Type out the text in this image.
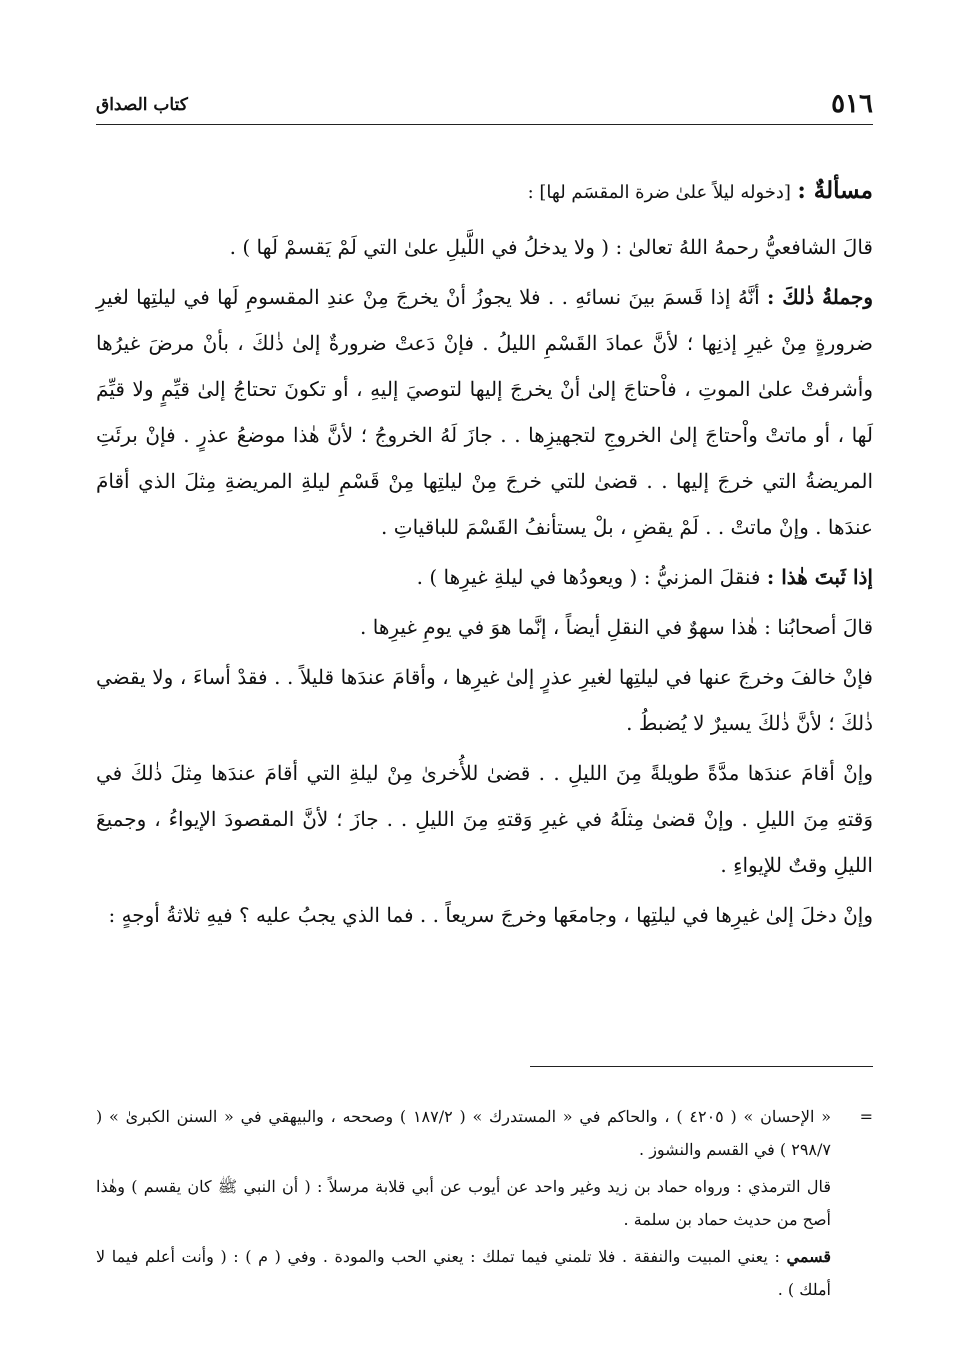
٥١٦
كتاب الصداق

مسألةٌ : [دخوله ليلاً علىٰ ضرة المقسَم لها] :

قالَ الشافعيُّ رحمهُ اللهُ تعالىٰ : ( ولا يدخلُ في اللَّيلِ علىٰ التي لَمْ يَقسمْ لَها ) .

وجملةُ ذٰلكَ : أنَّهُ إذا قَسمَ بينَ نسائهِ . . فلا يجوزُ أنْ يخرجَ مِنْ عندِ المقسومِ لَها في ليلتِها لغيرِ ضرورةٍ مِنْ غيرِ إذنِها ؛ لأنَّ عمادَ القَسْمِ الليلُ . فإنْ دَعتْ ضرورةٌ إلىٰ ذٰلكَ ، بأنْ مرضَ غيرُها وأشرفتْ علىٰ الموتِ ، فاْحتاجَ إلىٰ أنْ يخرجَ إليها لتوصيَ إليهِ ، أو تكونَ تحتاجُ إلىٰ قيِّمٍ ولا قيِّمَ لَها ، أو ماتتْ واْحتاجَ إلىٰ الخروجِ لتجهيزِها . . جازَ لَهُ الخروجُ ؛ لأنَّ هٰذا موضعُ عذرٍ . فإنْ برئَتِ المريضةُ التي خرجَ إليها . . قضىٰ للتي خرجَ مِنْ ليلتِها مِنْ قَسْمِ ليلةِ المريضةِ مِثلَ الذي أقامَ عندَها . وإنْ ماتتْ . . لَمْ يقضِ ، بلْ يستأنفُ القَسْمَ للباقياتِ .

إذا ثَبتَ هٰذا : فنقلَ المزنيُّ : ( ويعودُها في ليلةِ غيرِها ) .

قالَ أصحابُنا : هٰذا سهوٌ في النقلِ أيضاً ، إنَّما هوَ في يومِ غيرِها .

فإنْ خالفَ وخرجَ عنها في ليلتِها لغيرِ عذرٍ إلىٰ غيرِها ، وأقامَ عندَها قليلاً . . فقدْ أساءَ ، ولا يقضي ذٰلكَ ؛ لأنَّ ذٰلكَ يسيرٌ لا يُضبطُ .

وإنْ أقامَ عندَها مدَّةً طويلةً مِنَ الليلِ . . قضىٰ للأُخرىٰ مِنْ ليلةِ التي أقامَ عندَها مِثلَ ذٰلكَ في وَقتهِ مِنَ الليلِ . وإنْ قضىٰ مِثلَهُ في غيرِ وَقتهِ مِنَ الليلِ . . جازَ ؛ لأنَّ المقصودَ الإيواءُ ، وجميعَ الليلِ وقتٌ للإيواءِ .

وإنْ دخلَ إلىٰ غيرِها في ليلتِها ، وجامعَها وخرجَ سريعاً . . فما الذي يجبُ عليه ؟ فيهِ ثلاثةُ أوجهٍ :

=
« الإحسان » ( ٤٢٠٥ ) ، والحاكم في « المستدرك » ( ١٨٧/٢ ) وصححه ، والبيهقي في « السنن الكبرىٰ » ( ٢٩٨/٧ ) في القسم والنشوز .

قال الترمذي : ورواه حماد بن زيد وغير واحد عن أيوب عن أبي قلابة مرسلاً : ( أن النبي ﷺ كان يقسم ) وهٰذا أصح من حديث حماد بن سلمة .

قسمي : يعني المبيت والنفقة . فلا تلمني فيما تملك : يعني الحب والمودة . وفي ( م ) : ( وأنت أعلم فيما لا أملك ) .
